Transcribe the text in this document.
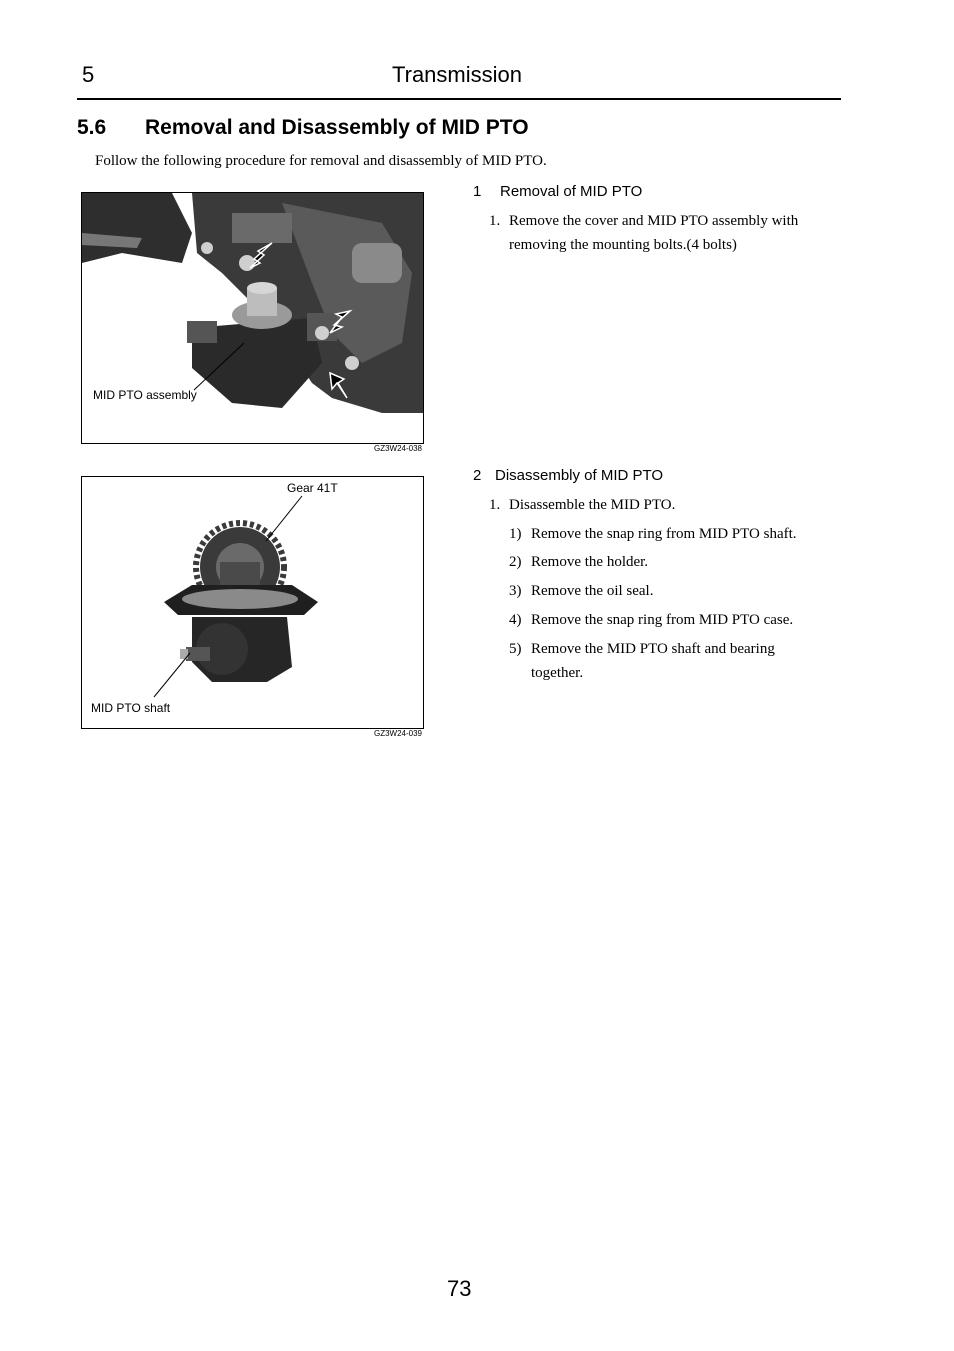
5	Transmission
5.6 Removal and Disassembly of MID PTO
Follow the following procedure for removal and disassembly of MID PTO.
MID PTO assembly
GZ3W24-038
Gear 41T
MID PTO shaft
GZ3W24-039
1 Removal of MID PTO
1. Remove the cover and MID PTO assembly with removing the mounting bolts.(4 bolts)
2 Disassembly of MID PTO
1. Disassemble the MID PTO.
1) Remove the snap ring from MID PTO shaft.
2) Remove the holder.
3) Remove the oil seal.
4) Remove the snap ring from MID PTO case.
5) Remove the MID PTO shaft and bearing together.
73
